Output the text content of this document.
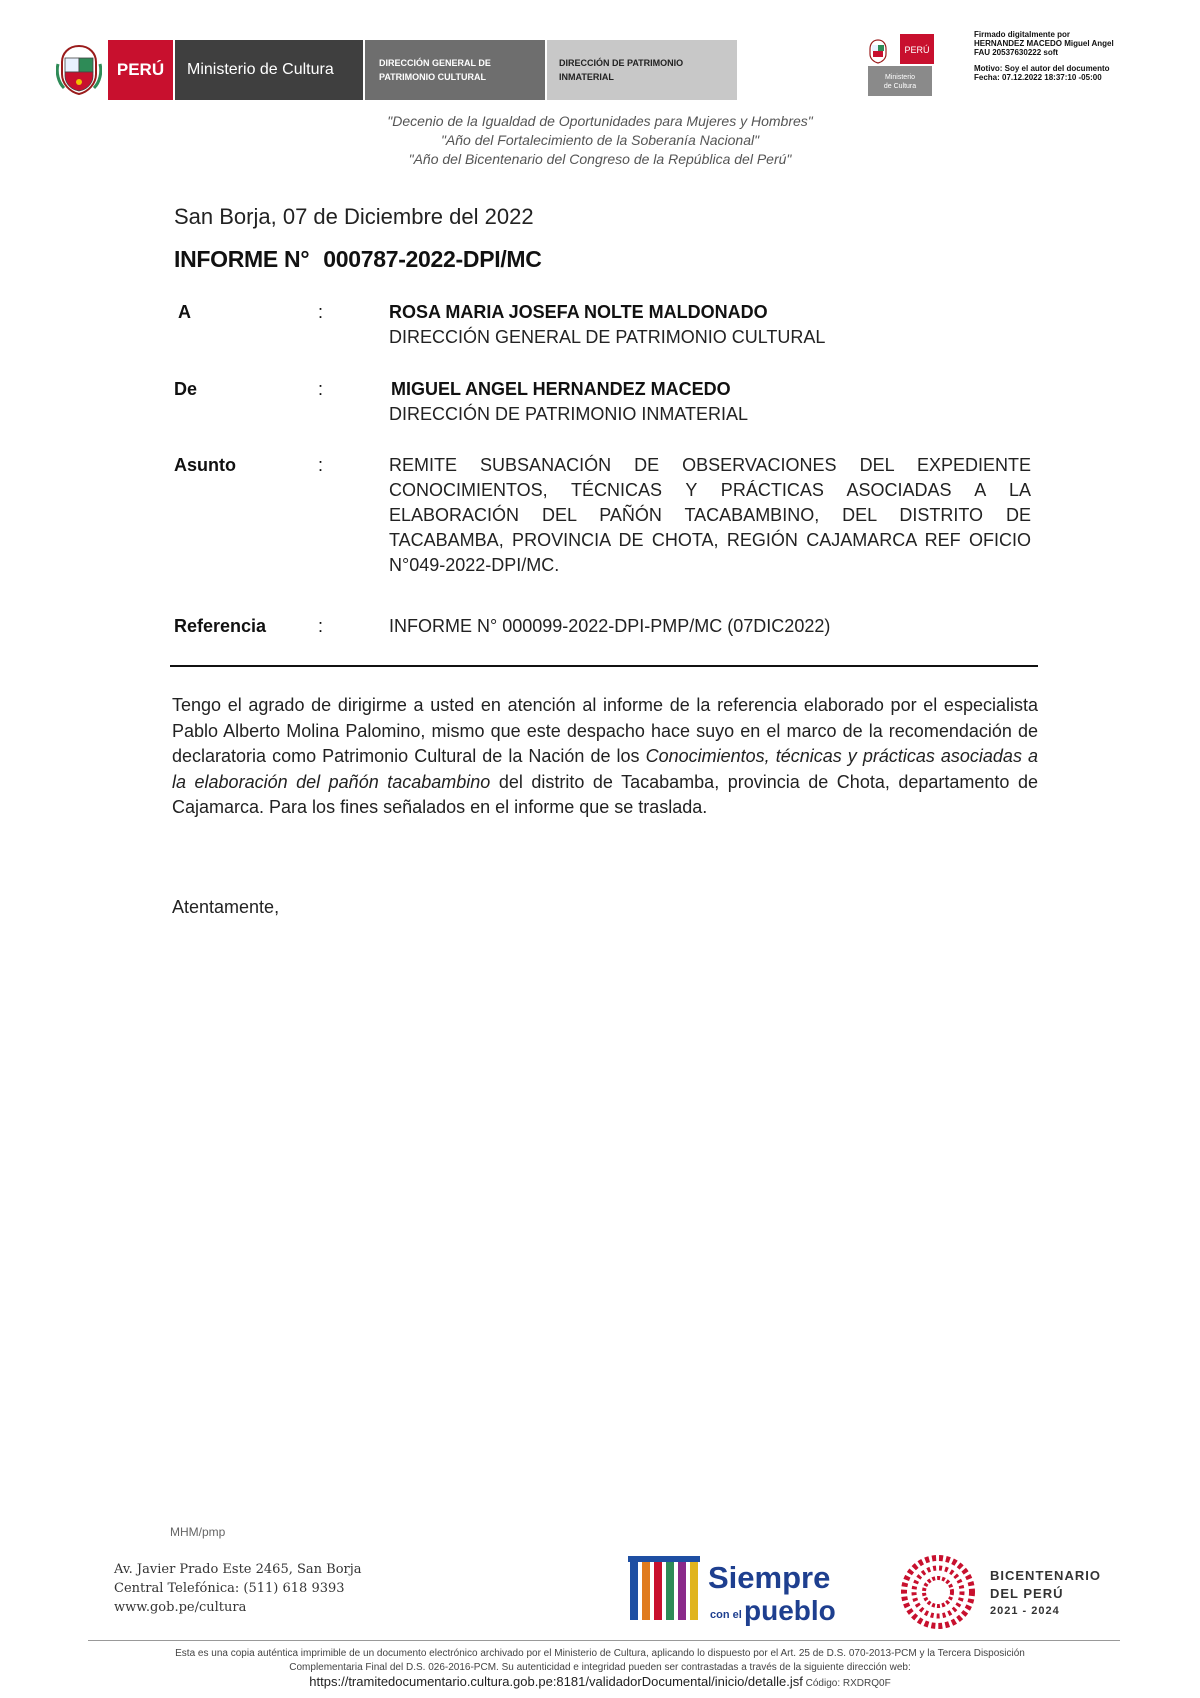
PERÚ	Ministerio de Cultura	DIRECCIÓN GENERAL DE
PATRIMONIO CULTURAL
DIRECCIÓN DE PATRIMONIO
INMATERIAL
PERÚ
Ministerio
de Cultura
Firmado digitalmente por
HERNANDEZ MACEDO Miguel Angel
FAU 20537630222 soft
Motivo: Soy el autor del documento
Fecha: 07.12.2022 18:37:10 -05:00
"Decenio de la Igualdad de Oportunidades para Mujeres y Hombres"
"Año del Fortalecimiento de la Soberanía Nacional"
"Año del Bicentenario del Congreso de la República del Perú"
San Borja, 07 de Diciembre del 2022
INFORME N° 000787-2022-DPI/MC
A	:	ROSA MARIA JOSEFA NOLTE MALDONADO
DIRECCIÓN GENERAL DE PATRIMONIO CULTURAL
De	:	MIGUEL ANGEL HERNANDEZ MACEDO
DIRECCIÓN DE PATRIMONIO INMATERIAL
Asunto	:	REMITE SUBSANACIÓN DE OBSERVACIONES DEL EXPEDIENTE CONOCIMIENTOS, TÉCNICAS Y PRÁCTICAS ASOCIADAS A LA ELABORACIÓN DEL PAÑÓN TACABAMBINO, DEL DISTRITO DE TACABAMBA, PROVINCIA DE CHOTA, REGIÓN CAJAMARCA REF OFICIO N°049-2022-DPI/MC.
Referencia	:	INFORME N° 000099-2022-DPI-PMP/MC (07DIC2022)
Tengo el agrado de dirigirme a usted en atención al informe de la referencia elaborado por el especialista Pablo Alberto Molina Palomino, mismo que este despacho hace suyo en el marco de la recomendación de declaratoria como Patrimonio Cultural de la Nación de los Conocimientos, técnicas y prácticas asociadas a la elaboración del pañón tacabambino del distrito de Tacabamba, provincia de Chota, departamento de Cajamarca. Para los fines señalados en el informe que se traslada.
Atentamente,
MHM/pmp
Av. Javier Prado Este 2465, San Borja
Central Telefónica: (511) 618 9393
www.gob.pe/cultura
Siempre
con el pueblo
BICENTENARIO
DEL PERÚ
2021 - 2024
Esta es una copia auténtica imprimible de un documento electrónico archivado por el Ministerio de Cultura, aplicando lo dispuesto por el Art. 25 de D.S. 070-2013-PCM y la Tercera Disposición
Complementaria Final del D.S. 026-2016-PCM. Su autenticidad e integridad pueden ser contrastadas a través de la siguiente dirección web:
https://tramitedocumentario.cultura.gob.pe:8181/validadorDocumental/inicio/detalle.jsf Código: RXDRQ0F
